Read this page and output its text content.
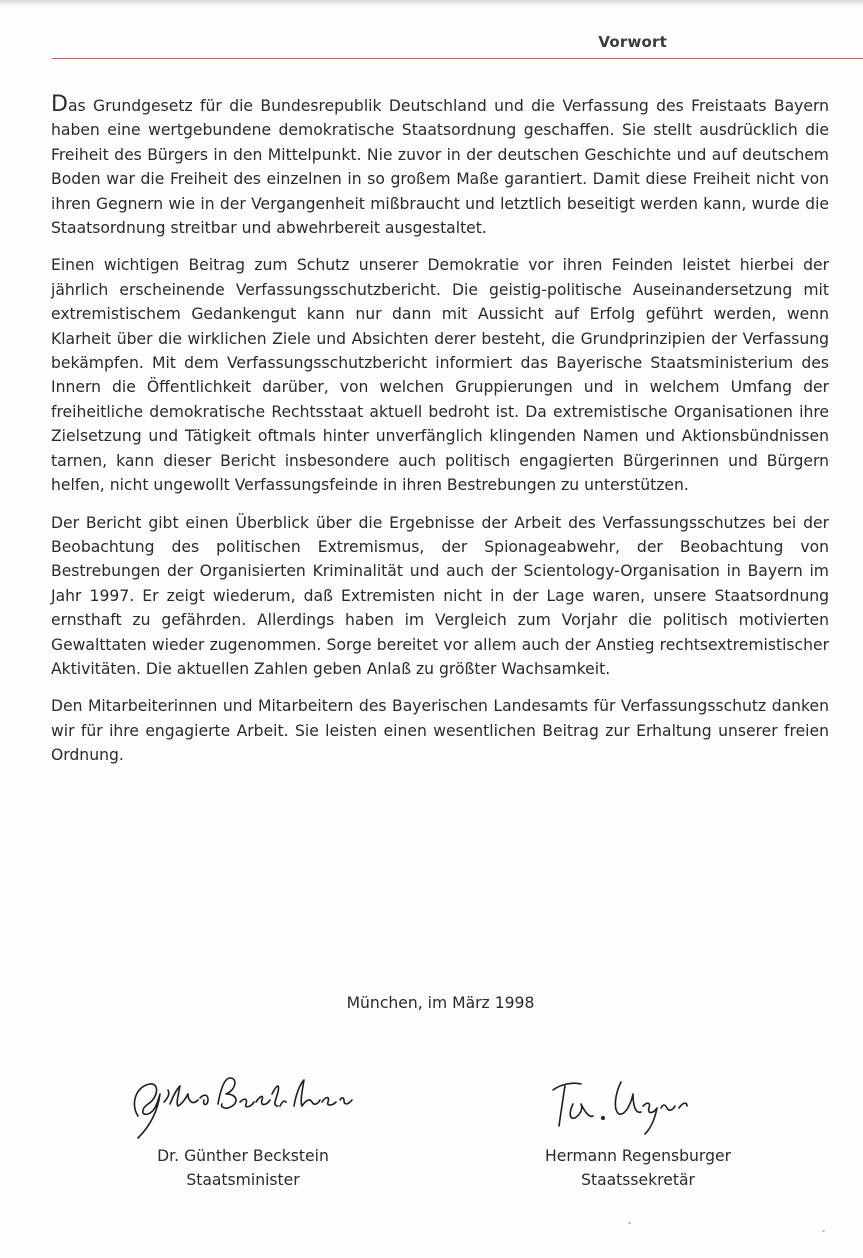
Vorwort

Das Grundgesetz für die Bundesrepublik Deutschland und die Verfassung des Freistaats Bayern haben eine wertgebundene demokratische Staatsordnung geschaffen. Sie stellt ausdrücklich die Freiheit des Bürgers in den Mittelpunkt. Nie zuvor in der deutschen Geschichte und auf deutschem Boden war die Freiheit des einzelnen in so großem Maße garantiert. Damit diese Freiheit nicht von ihren Gegnern wie in der Vergangenheit mißbraucht und letztlich beseitigt werden kann, wurde die Staatsordnung streitbar und abwehrbereit ausgestaltet.

Einen wichtigen Beitrag zum Schutz unserer Demokratie vor ihren Feinden leistet hierbei der jährlich erscheinende Verfassungsschutzbericht. Die geistig-politische Auseinandersetzung mit extremistischem Gedankengut kann nur dann mit Aussicht auf Erfolg geführt werden, wenn Klarheit über die wirklichen Ziele und Absichten derer besteht, die Grundprinzipien der Verfassung bekämpfen. Mit dem Verfassungsschutzbericht informiert das Bayerische Staatsministerium des Innern die Öffentlichkeit darüber, von welchen Gruppierungen und in welchem Umfang der freiheitliche demokratische Rechtsstaat aktuell bedroht ist. Da extremistische Organisationen ihre Zielsetzung und Tätigkeit oftmals hinter unverfänglich klingenden Namen und Aktionsbündnissen tarnen, kann dieser Bericht insbesondere auch politisch engagierten Bürgerinnen und Bürgern helfen, nicht ungewollt Verfassungsfeinde in ihren Bestrebungen zu unterstützen.

Der Bericht gibt einen Überblick über die Ergebnisse der Arbeit des Verfassungsschutzes bei der Beobachtung des politischen Extremismus, der Spionageabwehr, der Beobachtung von Bestrebungen der Organisierten Kriminalität und auch der Scientology-Organisation in Bayern im Jahr 1997. Er zeigt wiederum, daß Extremisten nicht in der Lage waren, unsere Staatsordnung ernsthaft zu gefährden. Allerdings haben im Vergleich zum Vorjahr die politisch motivierten Gewalttaten wieder zugenommen. Sorge bereitet vor allem auch der Anstieg rechtsextremistischer Aktivitäten. Die aktuellen Zahlen geben Anlaß zu größter Wachsamkeit.

Den Mitarbeiterinnen und Mitarbeitern des Bayerischen Landesamts für Verfassungsschutz danken wir für ihre engagierte Arbeit. Sie leisten einen wesentlichen Beitrag zur Erhaltung unserer freien Ordnung.

München, im März 1998
Dr. Günther Beckstein
Staatsminister
Hermann Regensburger
Staatssekretär
